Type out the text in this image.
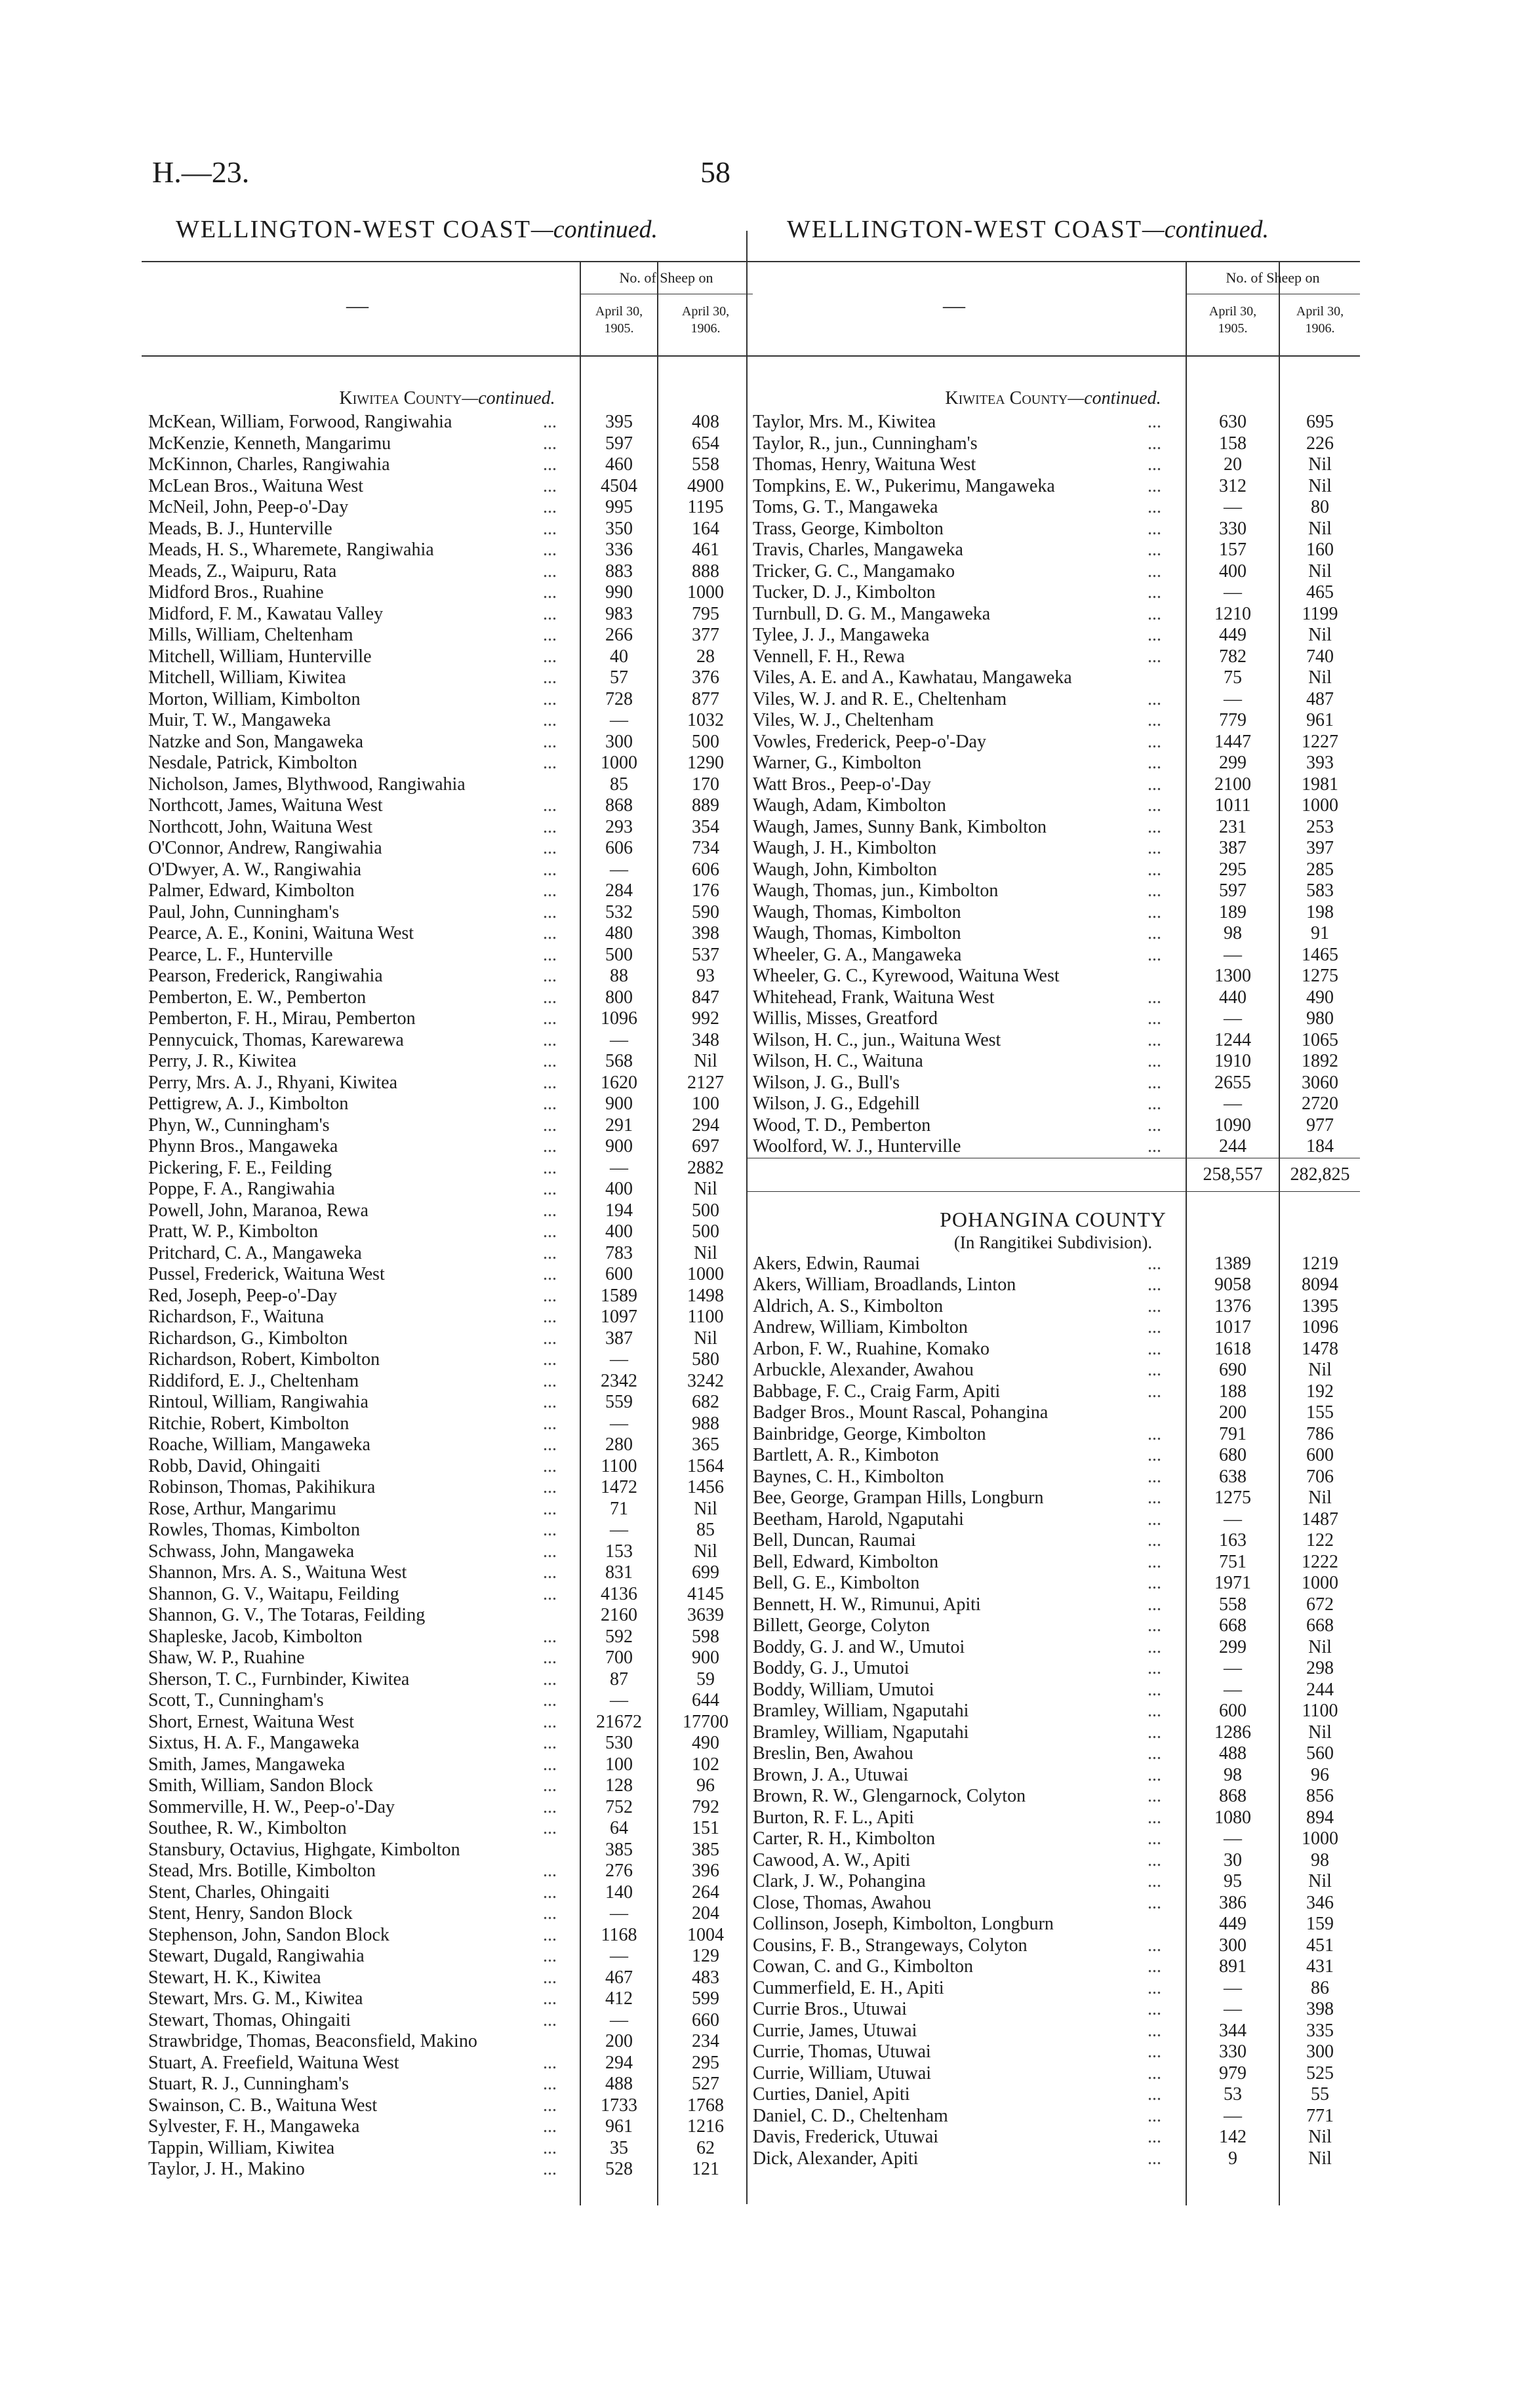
H.—23.	58
WELLINGTON-WEST COAST—continued.	WELLINGTON-WEST COAST—continued.
—
No. of Sheep on
April 30,
1905.
April 30,
1906.
Kiwitea County—continued.
McKean, William, Forwood, Rangiwahia	...	395	408
McKenzie, Kenneth, Mangarimu	...	597	654
McKinnon, Charles, Rangiwahia	...	460	558
McLean Bros., Waituna West	...	4504	4900
McNeil, John, Peep-o'-Day	...	995	1195
Meads, B. J., Hunterville	...	350	164
Meads, H. S., Wharemete, Rangiwahia	...	336	461
Meads, Z., Waipuru, Rata	...	883	888
Midford Bros., Ruahine	...	990	1000
Midford, F. M., Kawatau Valley	...	983	795
Mills, William, Cheltenham	...	266	377
Mitchell, William, Hunterville	...	40	28
Mitchell, William, Kiwitea	...	57	376
Morton, William, Kimbolton	...	728	877
Muir, T. W., Mangaweka	...	—	1032
Natzke and Son, Mangaweka	...	300	500
Nesdale, Patrick, Kimbolton	...	1000	1290
Nicholson, James, Blythwood, Rangiwahia	85	170
Northcott, James, Waituna West	...	868	889
Northcott, John, Waituna West	...	293	354
O'Connor, Andrew, Rangiwahia	...	606	734
O'Dwyer, A. W., Rangiwahia	...	—	606
Palmer, Edward, Kimbolton	...	284	176
Paul, John, Cunningham's	...	532	590
Pearce, A. E., Konini, Waituna West	...	480	398
Pearce, L. F., Hunterville	...	500	537
Pearson, Frederick, Rangiwahia	...	88	93
Pemberton, E. W., Pemberton	...	800	847
Pemberton, F. H., Mirau, Pemberton	...	1096	992
Pennycuick, Thomas, Karewarewa	...	—	348
Perry, J. R., Kiwitea	...	568	Nil
Perry, Mrs. A. J., Rhyani, Kiwitea	...	1620	2127
Pettigrew, A. J., Kimbolton	...	900	100
Phyn, W., Cunningham's	...	291	294
Phynn Bros., Mangaweka	...	900	697
Pickering, F. E., Feilding	...	—	2882
Poppe, F. A., Rangiwahia	...	400	Nil
Powell, John, Maranoa, Rewa	...	194	500
Pratt, W. P., Kimbolton	...	400	500
Pritchard, C. A., Mangaweka	...	783	Nil
Pussel, Frederick, Waituna West	...	600	1000
Red, Joseph, Peep-o'-Day	...	1589	1498
Richardson, F., Waituna	...	1097	1100
Richardson, G., Kimbolton	...	387	Nil
Richardson, Robert, Kimbolton	...	—	580
Riddiford, E. J., Cheltenham	...	2342	3242
Rintoul, William, Rangiwahia	...	559	682
Ritchie, Robert, Kimbolton	...	—	988
Roache, William, Mangaweka	...	280	365
Robb, David, Ohingaiti	...	1100	1564
Robinson, Thomas, Pakihikura	...	1472	1456
Rose, Arthur, Mangarimu	...	71	Nil
Rowles, Thomas, Kimbolton	...	—	85
Schwass, John, Mangaweka	...	153	Nil
Shannon, Mrs. A. S., Waituna West	...	831	699
Shannon, G. V., Waitapu, Feilding	...	4136	4145
Shannon, G. V., The Totaras, Feilding	2160	3639
Shapleske, Jacob, Kimbolton	...	592	598
Shaw, W. P., Ruahine	...	700	900
Sherson, T. C., Furnbinder, Kiwitea	...	87	59
Scott, T., Cunningham's	...	—	644
Short, Ernest, Waituna West	...	21672	17700
Sixtus, H. A. F., Mangaweka	...	530	490
Smith, James, Mangaweka	...	100	102
Smith, William, Sandon Block	...	128	96
Sommerville, H. W., Peep-o'-Day	...	752	792
Southee, R. W., Kimbolton	...	64	151
Stansbury, Octavius, Highgate, Kimbolton	385	385
Stead, Mrs. Botille, Kimbolton	...	276	396
Stent, Charles, Ohingaiti	...	140	264
Stent, Henry, Sandon Block	...	—	204
Stephenson, John, Sandon Block	...	1168	1004
Stewart, Dugald, Rangiwahia	...	—	129
Stewart, H. K., Kiwitea	...	467	483
Stewart, Mrs. G. M., Kiwitea	...	412	599
Stewart, Thomas, Ohingaiti	...	—	660
Strawbridge, Thomas, Beaconsfield, Makino	200	234
Stuart, A. Freefield, Waituna West	...	294	295
Stuart, R. J., Cunningham's	...	488	527
Swainson, C. B., Waituna West	...	1733	1768
Sylvester, F. H., Mangaweka	...	961	1216
Tappin, William, Kiwitea	...	35	62
Taylor, J. H., Makino	...	528	121
—
No. of Sheep on
April 30,
1905.
April 30,
1906.
Kiwitea County—continued.
Taylor, Mrs. M., Kiwitea	...	630	695
Taylor, R., jun., Cunningham's	...	158	226
Thomas, Henry, Waituna West	...	20	Nil
Tompkins, E. W., Pukerimu, Mangaweka	...	312	Nil
Toms, G. T., Mangaweka	...	—	80
Trass, George, Kimbolton	...	330	Nil
Travis, Charles, Mangaweka	...	157	160
Tricker, G. C., Mangamako	...	400	Nil
Tucker, D. J., Kimbolton	...	—	465
Turnbull, D. G. M., Mangaweka	...	1210	1199
Tylee, J. J., Mangaweka	...	449	Nil
Vennell, F. H., Rewa	...	782	740
Viles, A. E. and A., Kawhatau, Mangaweka	75	Nil
Viles, W. J. and R. E., Cheltenham	...	—	487
Viles, W. J., Cheltenham	...	779	961
Vowles, Frederick, Peep-o'-Day	...	1447	1227
Warner, G., Kimbolton	...	299	393
Watt Bros., Peep-o'-Day	...	2100	1981
Waugh, Adam, Kimbolton	...	1011	1000
Waugh, James, Sunny Bank, Kimbolton	...	231	253
Waugh, J. H., Kimbolton	...	387	397
Waugh, John, Kimbolton	...	295	285
Waugh, Thomas, jun., Kimbolton	...	597	583
Waugh, Thomas, Kimbolton	...	189	198
Waugh, Thomas, Kimbolton	...	98	91
Wheeler, G. A., Mangaweka	...	—	1465
Wheeler, G. C., Kyrewood, Waituna West	1300	1275
Whitehead, Frank, Waituna West	...	440	490
Willis, Misses, Greatford	...	—	980
Wilson, H. C., jun., Waituna West	...	1244	1065
Wilson, H. C., Waituna	...	1910	1892
Wilson, J. G., Bull's	...	2655	3060
Wilson, J. G., Edgehill	...	—	2720
Wood, T. D., Pemberton	...	1090	977
Woolford, W. J., Hunterville	...	244	184
258,557	282,825
POHANGINA COUNTY
(In Rangitikei Subdivision).
Akers, Edwin, Raumai	...	1389	1219
Akers, William, Broadlands, Linton	...	9058	8094
Aldrich, A. S., Kimbolton	...	1376	1395
Andrew, William, Kimbolton	...	1017	1096
Arbon, F. W., Ruahine, Komako	...	1618	1478
Arbuckle, Alexander, Awahou	...	690	Nil
Babbage, F. C., Craig Farm, Apiti	...	188	192
Badger Bros., Mount Rascal, Pohangina	200	155
Bainbridge, George, Kimbolton	...	791	786
Bartlett, A. R., Kimboton	...	680	600
Baynes, C. H., Kimbolton	...	638	706
Bee, George, Grampan Hills, Longburn	...	1275	Nil
Beetham, Harold, Ngaputahi	...	—	1487
Bell, Duncan, Raumai	...	163	122
Bell, Edward, Kimbolton	...	751	1222
Bell, G. E., Kimbolton	...	1971	1000
Bennett, H. W., Rimunui, Apiti	...	558	672
Billett, George, Colyton	...	668	668
Boddy, G. J. and W., Umutoi	...	299	Nil
Boddy, G. J., Umutoi	...	—	298
Boddy, William, Umutoi	...	—	244
Bramley, William, Ngaputahi	...	600	1100
Bramley, William, Ngaputahi	...	1286	Nil
Breslin, Ben, Awahou	...	488	560
Brown, J. A., Utuwai	...	98	96
Brown, R. W., Glengarnock, Colyton	...	868	856
Burton, R. F. L., Apiti	...	1080	894
Carter, R. H., Kimbolton	...	—	1000
Cawood, A. W., Apiti	...	30	98
Clark, J. W., Pohangina	...	95	Nil
Close, Thomas, Awahou	...	386	346
Collinson, Joseph, Kimbolton, Longburn	449	159
Cousins, F. B., Strangeways, Colyton	...	300	451
Cowan, C. and G., Kimbolton	...	891	431
Cummerfield, E. H., Apiti	...	—	86
Currie Bros., Utuwai	...	—	398
Currie, James, Utuwai	...	344	335
Currie, Thomas, Utuwai	...	330	300
Currie, William, Utuwai	...	979	525
Curties, Daniel, Apiti	...	53	55
Daniel, C. D., Cheltenham	...	—	771
Davis, Frederick, Utuwai	...	142	Nil
Dick, Alexander, Apiti	...	9	Nil
